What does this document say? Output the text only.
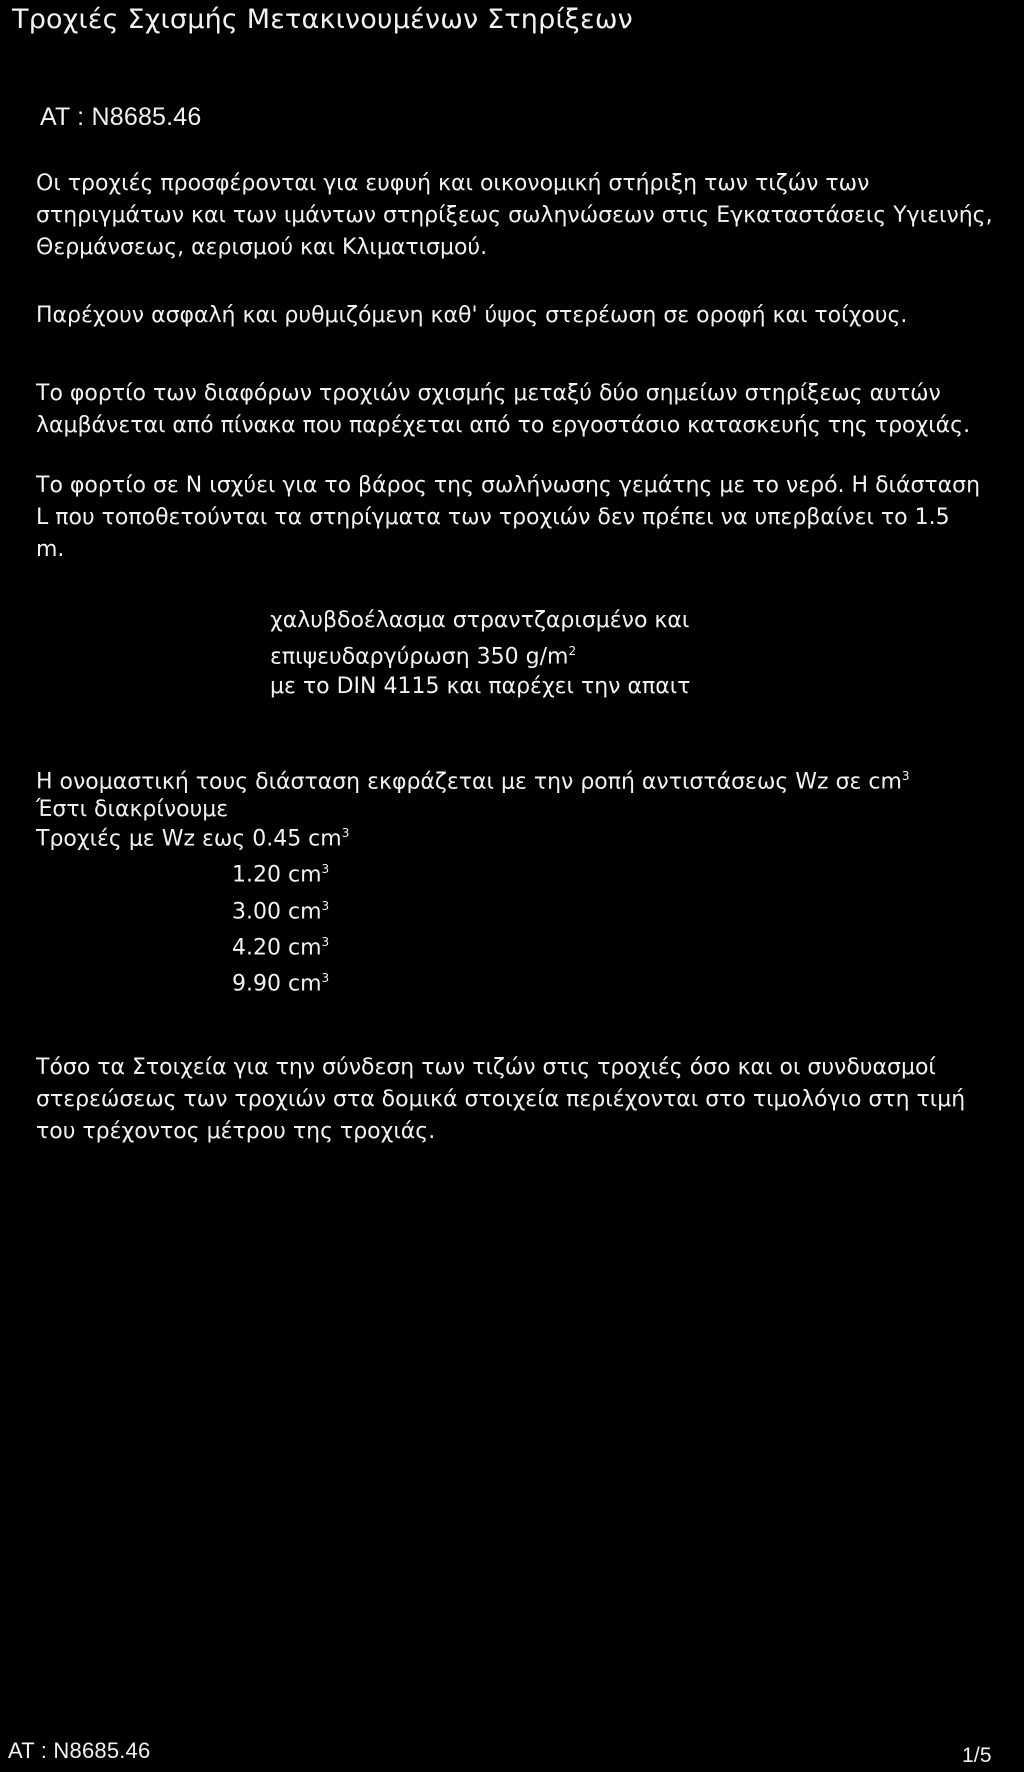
Τροχιές Σχισμής Μετακινουμένων Στηρίξεων
AT : N8685.46
Οι τροχιές προσφέρονται για ευφυή και οικονομική στήριξη των τιζών των
στηριγμάτων και των ιμάντων στηρίξεως σωληνώσεων στις Εγκαταστάσεις Υγιεινής,
Θερμάνσεως, αερισμού και Κλιματισμού.
Παρέχουν ασφαλή και ρυθμιζόμενη καθ' ύψος στερέωση σε οροφή και τοίχους.
Το φορτίο των διαφόρων τροχιών σχισμής μεταξύ δύο σημείων στηρίξεως αυτών
λαμβάνεται από πίνακα που παρέχεται από το εργοστάσιο κατασκευής της τροχιάς.
Το φορτίο σε Ν ισχύει για το βάρος της σωλήνωσης γεμάτης με το νερό. Η διάσταση
L που τοποθετούνται τα στηρίγματα των τροχιών δεν πρέπει να υπερβαίνει το 1.5
m.
χαλυβδοέλασμα στραντζαρισμένο και
επιψευδαργύρωση 350 $g/m^2$
με το DIN 4115 και παρέχει την απαιτ
Η ονομαστική τους διάσταση εκφράζεται με την ροπή αντιστάσεως Wz σε $cm^3$
Έστι διακρίνουμε
Τροχιές με Wz εως 0.45 $cm^3$
1.20 $cm^3$
3.00 $cm^3$
4.20 $cm^3$
9.90 $cm^3$
Τόσο τα Στοιχεία για την σύνδεση των τιζών στις τροχιές όσο και οι συνδυασμοί
στερεώσεως των τροχιών στα δομικά στοιχεία περιέχονται στο τιμολόγιο στη τιμή
του τρέχοντος μέτρου της τροχιάς.
AT : N8685.46	1/5
